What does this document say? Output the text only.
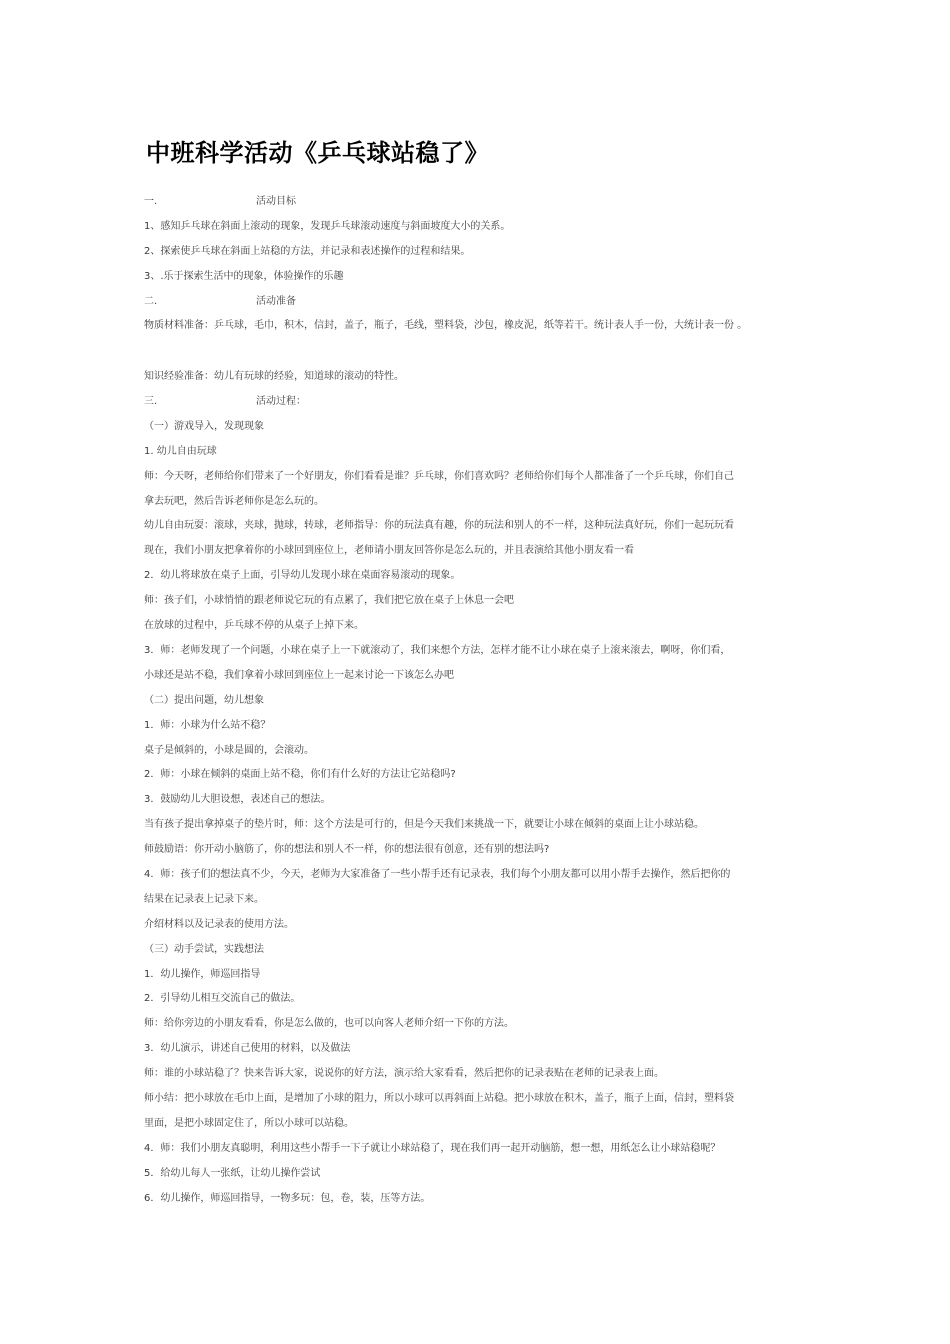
中班科学活动《乒乓球站稳了》
一.	活动目标
1、感知乒乓球在斜面上滚动的现象，发现乒乓球滚动速度与斜面坡度大小的关系。
2、探索使乒乓球在斜面上站稳的方法，并记录和表述操作的过程和结果。
3、.乐于探索生活中的现象，体验操作的乐趣
二.	活动准备
物质材料准备：乒乓球，毛巾，积木，信封，盖子，瓶子，毛线，塑料袋，沙包，橡皮泥，纸等若干。统计表人手一份，大统计表一份 。
知识经验准备：幼儿有玩球的经验，知道球的滚动的特性。
三.	活动过程：
（一）游戏导入，发现现象
1. 幼儿自由玩球
师：今天呀，老师给你们带来了一个好朋友，你们看看是谁？乒乓球，你们喜欢吗？老师给你们每个人都准备了一个乒乓球，你们自己
拿去玩吧，然后告诉老师你是怎么玩的。
幼儿自由玩耍：滚球，夹球，抛球，转球，老师指导：你的玩法真有趣，你的玩法和别人的不一样，这种玩法真好玩，你们一起玩玩看
现在，我们小朋友把拿着你的小球回到座位上，老师请小朋友回答你是怎么玩的，并且表演给其他小朋友看一看
2．幼儿将球放在桌子上面，引导幼儿发现小球在桌面容易滚动的现象。
师：孩子们，小球悄悄的跟老师说它玩的有点累了，我们把它放在桌子上休息一会吧
在放球的过程中，乒乓球不停的从桌子上掉下来。
3．师：老师发现了一个问题，小球在桌子上一下就滚动了，我们来想个方法，怎样才能不让小球在桌子上滚来滚去，啊呀，你们看，
小球还是站不稳，我们拿着小球回到座位上一起来讨论一下该怎么办吧
（二）提出问题，幼儿想象
1．师：小球为什么站不稳？
桌子是倾斜的，小球是圆的，会滚动。
2．师：小球在倾斜的桌面上站不稳，你们有什么好的方法让它站稳吗?
3．鼓励幼儿大胆设想，表述自己的想法。
当有孩子提出拿掉桌子的垫片时，师：这个方法是可行的，但是今天我们来挑战一下，就要让小球在倾斜的桌面上让小球站稳。
师鼓励语：你开动小脑筋了，你的想法和别人不一样，你的想法很有创意，还有别的想法吗?
4．师：孩子们的想法真不少，今天，老师为大家准备了一些小帮手还有记录表，我们每个小朋友都可以用小帮手去操作，然后把你的
结果在记录表上记录下来。
介绍材料以及记录表的使用方法。
（三）动手尝试，实践想法
1．幼儿操作，师巡回指导
2．引导幼儿相互交流自己的做法。
师：给你旁边的小朋友看看，你是怎么做的，也可以向客人老师介绍一下你的方法。
3．幼儿演示，讲述自己使用的材料，以及做法
师：谁的小球站稳了？快来告诉大家，说说你的好方法，演示给大家看看，然后把你的记录表贴在老师的记录表上面。
师小结：把小球放在毛巾上面，是增加了小球的阻力，所以小球可以再斜面上站稳。把小球放在积木，盖子，瓶子上面，信封，塑料袋
里面，是把小球固定住了，所以小球可以站稳。
4．师：我们小朋友真聪明，利用这些小帮手一下子就让小球站稳了，现在我们再一起开动脑筋，想一想，用纸怎么让小球站稳呢？
5．给幼儿每人一张纸，让幼儿操作尝试
6．幼儿操作，师巡回指导，一物多玩：包，卷，装，压等方法。
